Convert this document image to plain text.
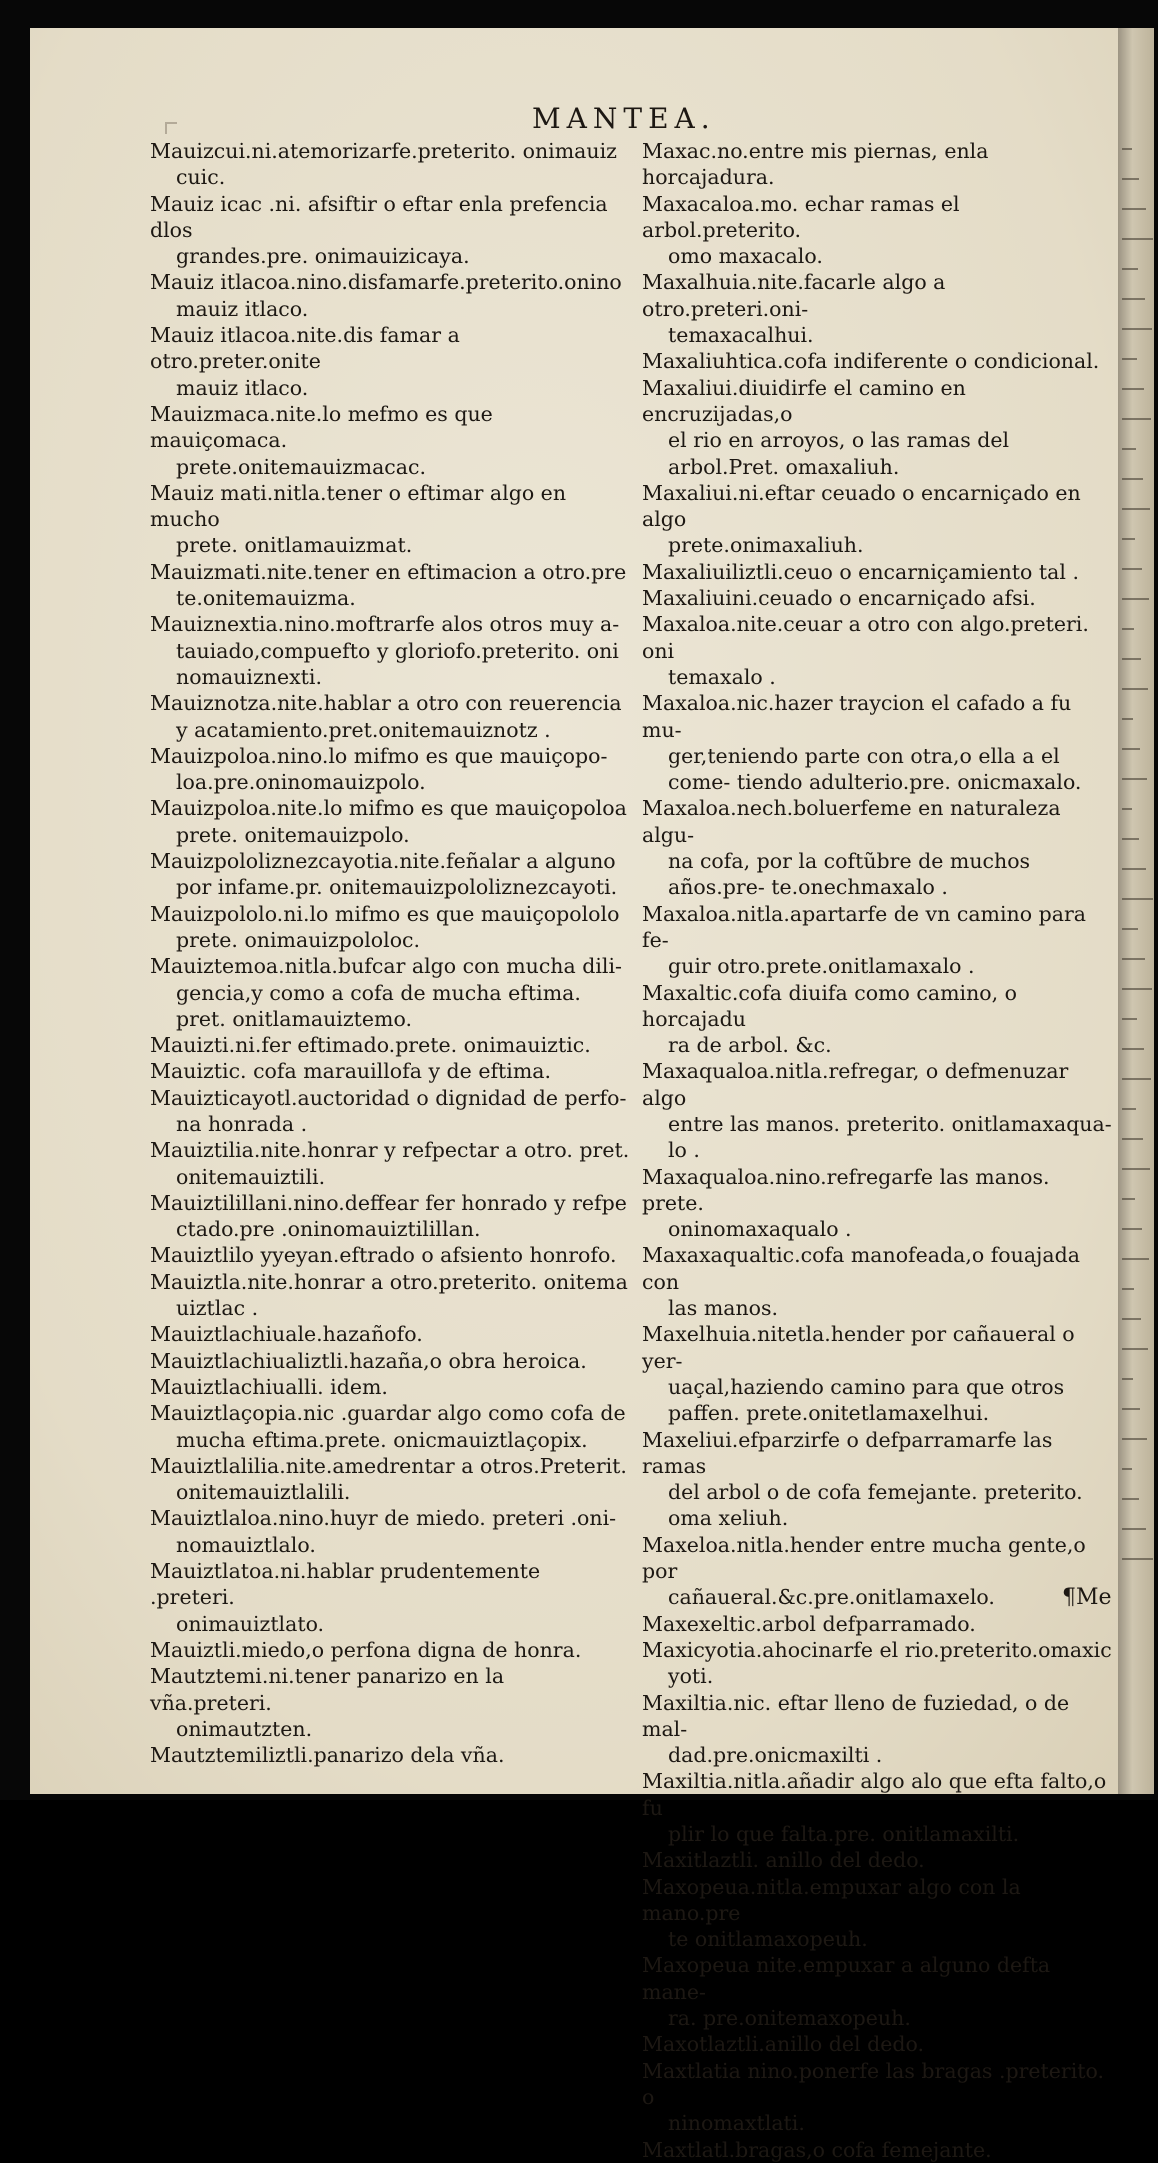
MANTEA.

Mauizcui.ni.atemorizarfe.preterito. onimauiz
cuic.

Mauiz icac .ni. afsiftir o eftar enla prefencia dlos
grandes.pre. onimauizicaya.

Mauiz itlacoa.nino.disfamarfe.preterito.onino
mauiz itlaco.

Mauiz itlacoa.nite.dis famar a otro.preter.onite
mauiz itlaco.

Mauizmaca.nite.lo mefmo es que mauiçomaca.
prete.onitemauizmacac.

Mauiz mati.nitla.tener o eftimar algo en mucho
prete. onitlamauizmat.

Mauizmati.nite.tener en eftimacion a otro.pre
te.onitemauizma.

Mauiznextia.nino.moftrarfe alos otros muy a-
tauiado,compuefto y gloriofo.preterito. oni nomauiznexti.

Mauiznotza.nite.hablar a otro con reuerencia
y acatamiento.pret.onitemauiznotz .

Mauizpoloa.nino.lo mifmo es que mauiçopo-
loa.pre.oninomauizpolo.

Mauizpoloa.nite.lo mifmo es que mauiçopoloa
prete. onitemauizpolo.

Mauizpololiznezcayotia.nite.feñalar a alguno
por infame.pr. onitemauizpololiznezcayoti.

Mauizpololo.ni.lo mifmo es que mauiçopololo
prete. onimauizpololoc.

Mauiztemoa.nitla.bufcar algo con mucha dili-
gencia,y como a cofa de mucha eftima. pret. onitlamauiztemo.

Mauizti.ni.fer eftimado.prete. onimauiztic.

Mauiztic. cofa marauillofa y de eftima.

Mauizticayotl.auctoridad o dignidad de perfo-
na honrada .

Mauiztilia.nite.honrar y refpectar a otro. pret.
onitemauiztili.

Mauiztilillani.nino.deffear fer honrado y refpe
ctado.pre .oninomauiztilillan.

Mauiztlilo yyeyan.eftrado o afsiento honrofo.

Mauiztla.nite.honrar a otro.preterito. onitema
uiztlac .

Mauiztlachiuale.hazañofo.

Mauiztlachiualiztli.hazaña,o obra heroica.

Mauiztlachiualli. idem.

Mauiztlaçopia.nic .guardar algo como cofa de
mucha eftima.prete. onicmauiztlaçopix.

Mauiztlalilia.nite.amedrentar a otros.Preterit.
onitemauiztlalili.

Mauiztlaloa.nino.huyr de miedo. preteri .oni-
nomauiztlalo.

Mauiztlatoa.ni.hablar prudentemente .preteri.
onimauiztlato.

Mauiztli.miedo,o perfona digna de honra.

Mautztemi.ni.tener panarizo en la vña.preteri.
onimautzten.

Mautztemiliztli.panarizo dela vña.

Maxac.no.entre mis piernas, enla horcajadura.

Maxacaloa.mo. echar ramas el arbol.preterito.
omo maxacalo.

Maxalhuia.nite.facarle algo a otro.preteri.oni-
temaxacalhui.

Maxaliuhtica.cofa indiferente o condicional.

Maxaliui.diuidirfe el camino en encruzijadas,o
el rio en arroyos, o las ramas del arbol.Pret. omaxaliuh.

Maxaliui.ni.eftar ceuado o encarniçado en algo
prete.onimaxaliuh.

Maxaliuiliztli.ceuo o encarniçamiento tal .

Maxaliuini.ceuado o encarniçado afsi.

Maxaloa.nite.ceuar a otro con algo.preteri. oni
temaxalo .

Maxaloa.nic.hazer traycion el cafado a fu mu-
ger,teniendo parte con otra,o ella a el come- tiendo adulterio.pre. onicmaxalo.

Maxaloa.nech.boluerfeme en naturaleza algu-
na cofa, por la coftũbre de muchos años.pre- te.onechmaxalo .

Maxaloa.nitla.apartarfe de vn camino para fe-
guir otro.prete.onitlamaxalo .

Maxaltic.cofa diuifa como camino, o horcajadu
ra de arbol. &c.

Maxaqualoa.nitla.refregar, o defmenuzar algo
entre las manos. preterito. onitlamaxaqua- lo .

Maxaqualoa.nino.refregarfe las manos. prete.
oninomaxaqualo .

Maxaxaqualtic.cofa manofeada,o fouajada con
las manos.

Maxelhuia.nitetla.hender por cañaueral o yer-
uaçal,haziendo camino para que otros paffen. prete.onitetlamaxelhui.

Maxeliui.efparzirfe o defparramarfe las ramas
del arbol o de cofa femejante. preterito. oma xeliuh.

Maxeloa.nitla.hender entre mucha gente,o por
cañaueral.&c.pre.onitlamaxelo.

Maxexeltic.arbol defparramado.

Maxicyotia.ahocinarfe el rio.preterito.omaxic
yoti.

Maxiltia.nic. eftar lleno de fuziedad, o de mal-
dad.pre.onicmaxilti .

Maxiltia.nitla.añadir algo alo que efta falto,o fu
plir lo que falta.pre. onitlamaxilti.

Maxitlaztli. anillo del dedo.

Maxopeua.nitla.empuxar algo con la mano.pre
te onitlamaxopeuh.

Maxopeua nite.empuxar a alguno defta mane-
ra. pre.onitemaxopeuh.

Maxotlaztli.anillo del dedo.

Maxtlatia nino.ponerfe las bragas .preterito. o
ninomaxtlati.

Maxtlatl.bragas,o cofa femejante.

¶Me
